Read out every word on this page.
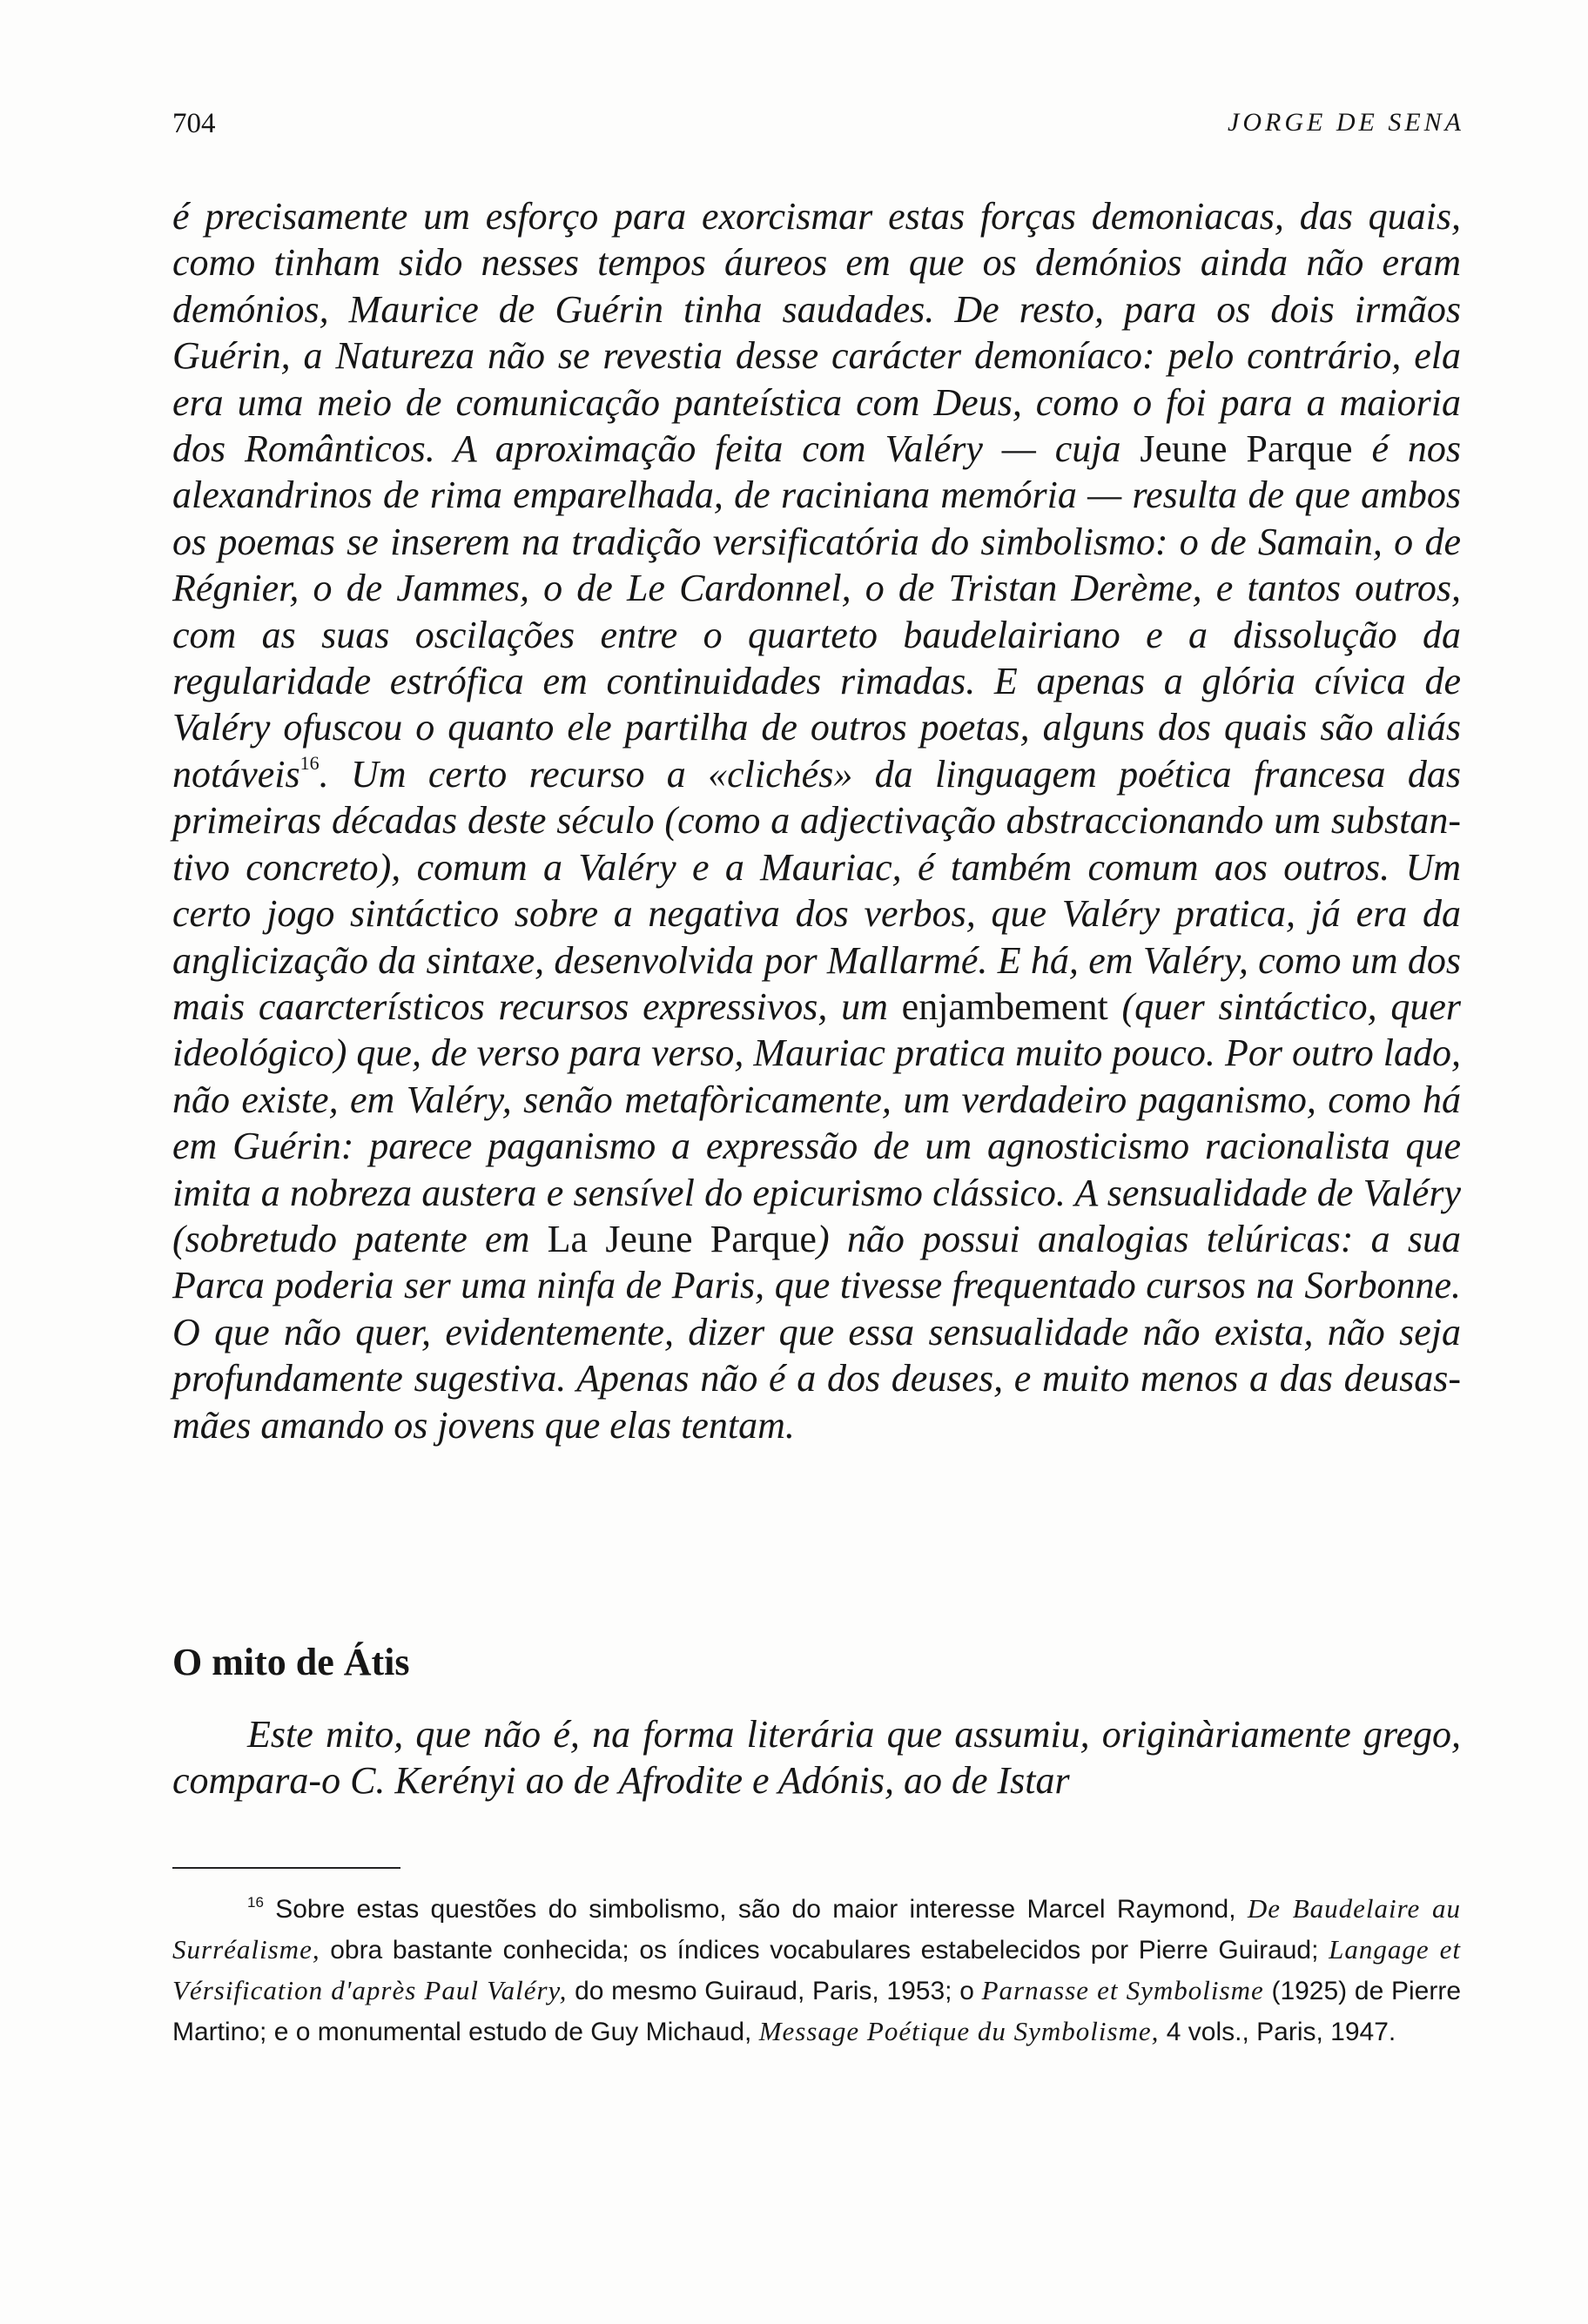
704	JORGE DE SENA
é precisamente um esforço para exorcismar estas forças demoniacas, das quais, como tinham sido nesses tempos áureos em que os demónios ainda não eram demónios, Maurice de Guérin tinha saudades. De resto, para os dois irmãos Guérin, a Natureza não se revestia desse carácter demoníaco: pelo contrário, ela era uma meio de comunicação panteística com Deus, como o foi para a maioria dos Românticos. A aproximação feita com Valéry — cuja Jeune Parque é nos alexandrinos de rima emparelhada, de raciniana memória — resulta de que ambos os poemas se inserem na tradição versificatória do simbolismo: o de Samain, o de Régnier, o de Jammes, o de Le Cardonnel, o de Tristan Derème, e tantos outros, com as suas oscilações entre o quarteto baudelairiano e a dissolução da regularidade estrófica em continuidades rimadas. E apenas a glória cívica de Valéry ofuscou o quanto ele partilha de outros poetas, alguns dos quais são aliás notáveis$^{16}$. Um certo recurso a «clichés» da linguagem poética francesa das primeiras décadas deste século (como a adjectivação abstraccionando um substantivo concreto), comum a Valéry e a Mauriac, é também comum aos outros. Um certo jogo sintáctico sobre a negativa dos verbos, que Valéry pratica, já era da anglicização da sintaxe, desenvolvida por Mallarmé. E há, em Valéry, como um dos mais caarcterísticos recursos expressivos, um enjambement (quer sintáctico, quer ideológico) que, de verso para verso, Mauriac pratica muito pouco. Por outro lado, não existe, em Valéry, senão metafòricamente, um verdadeiro paganismo, como há em Guérin: parece paganismo a expressão de um agnosticismo racionalista que imita a nobreza austera e sensível do epicurismo clássico. A sensualidade de Valéry (sobretudo patente em La Jeune Parque) não possui analogias telúricas: a sua Parca poderia ser uma ninfa de Paris, que tivesse frequentado cursos na Sorbonne. O que não quer, evidentemente, dizer que essa sensualidade não exista, não seja profundamente sugestiva. Apenas não é a dos deuses, e muito menos a das deusas-mães amando os jovens que elas tentam.
O mito de Átis
Este mito, que não é, na forma literária que assumiu, originàriamente grego, compara-o C. Kerényi ao de Afrodite e Adónis, ao de Istar
$^{16}$ Sobre estas questões do simbolismo, são do maior interesse Marcel Raymond, De Baudelaire au Surréalisme, obra bastante conhecida; os índices vocabulares estabelecidos por Pierre Guiraud; Langage et Vérsification d'après Paul Valéry, do mesmo Guiraud, Paris, 1953; o Parnasse et Symbolisme (1925) de Pierre Martino; e o monumental estudo de Guy Michaud, Message Poétique du Symbolisme, 4 vols., Paris, 1947.
